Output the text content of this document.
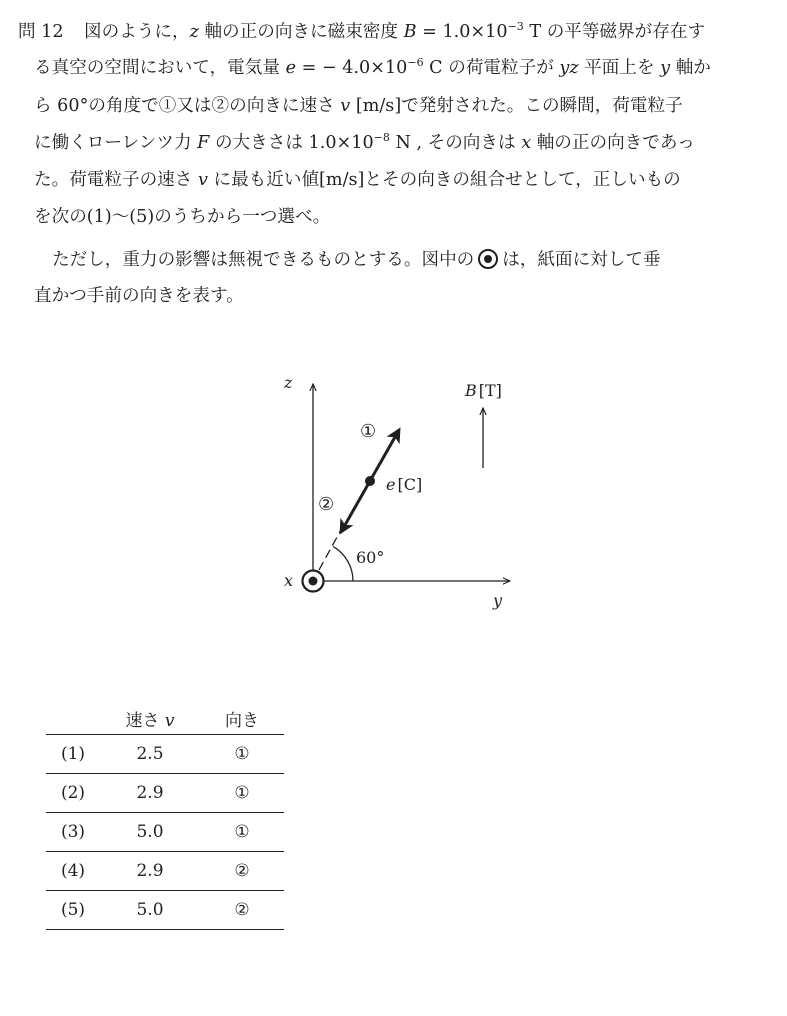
問 12 図のように，z 軸の正の向きに磁束密度 $B = 1.0\times 10^{-3}$ T の平等磁界が存在す
る真空の空間において，電気量 e = − $4.0\times 10^{-6}$ C の荷電粒子が yz 平面上を y 軸か
ら 60°の角度で①又は②の向きに速さ v [m/s]で発射された。この瞬間，荷電粒子
に働くローレンツ力 F の大きさは $1.0\times 10^{-8}$ N , その向きは x 軸の正の向きであっ
た。荷電粒子の速さ v に最も近い値[m/s]とその向きの組合せとして，正しいもの
を次の(1)～(5)のうちから一つ選べ。
ただし，重力の影響は無視できるものとする。図中の は，紙面に対して垂
直かつ手前の向きを表す。
z
y
x
60°
①
②
e [C]
B [T]
	速さ v	向き
(1)	2.5	①
(2)	2.9	①
(3)	5.0	①
(4)	2.9	②
(5)	5.0	②
